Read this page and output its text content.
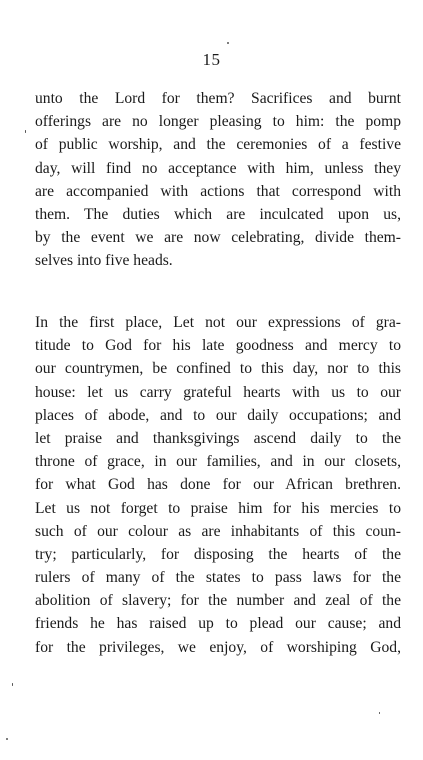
15
unto the Lord for them? Sacrifices and burnt
offerings are no longer pleasing to him: the pomp
of public worship, and the ceremonies of a festive
day, will find no acceptance with him, unless they
are accompanied with actions that correspond with
them. The duties which are inculcated upon us,
by the event we are now celebrating, divide them-
selves into five heads.
In the first place, Let not our expressions of gra-
titude to God for his late goodness and mercy to
our countrymen, be confined to this day, nor to this
house: let us carry grateful hearts with us to our
places of abode, and to our daily occupations; and
let praise and thanksgivings ascend daily to the
throne of grace, in our families, and in our closets,
for what God has done for our African brethren.
Let us not forget to praise him for his mercies to
such of our colour as are inhabitants of this coun-
try; particularly, for disposing the hearts of the
rulers of many of the states to pass laws for the
abolition of slavery; for the number and zeal of the
friends he has raised up to plead our cause; and
for the privileges, we enjoy, of worshiping God,
